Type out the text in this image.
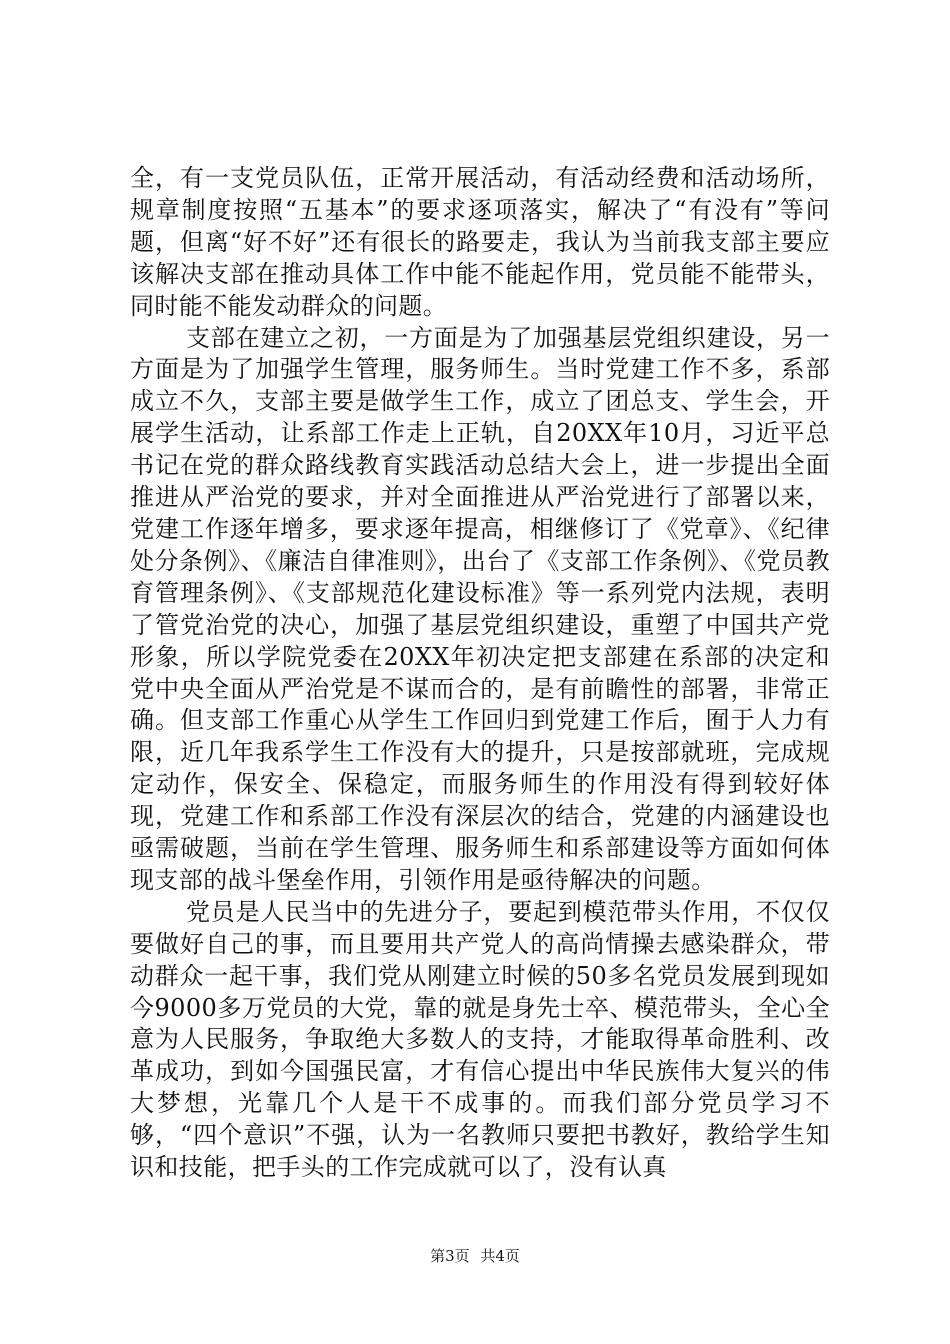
全，有一支党员队伍，正常开展活动，有活动经费和活动场所，规章制度按照“五基本”的要求逐项落实，解决了“有没有”等问题，但离“好不好”还有很长的路要走，我认为当前我支部主要应该解决支部在推动具体工作中能不能起作用，党员能不能带头，同时能不能发动群众的问题。

支部在建立之初，一方面是为了加强基层党组织建设，另一方面是为了加强学生管理，服务师生。当时党建工作不多，系部成立不久，支部主要是做学生工作，成立了团总支、学生会，开展学生活动，让系部工作走上正轨，自20XX年10月，习近平总书记在党的群众路线教育实践活动总结大会上，进一步提出全面推进从严治党的要求，并对全面推进从严治党进行了部署以来，党建工作逐年增多，要求逐年提高，相继修订了《党章》、《纪律处分条例》、《廉洁自律准则》，出台了《支部工作条例》、《党员教育管理条例》、《支部规范化建设标准》等一系列党内法规，表明了管党治党的决心，加强了基层党组织建设，重塑了中国共产党形象，所以学院党委在20XX年初决定把支部建在系部的决定和党中央全面从严治党是不谋而合的，是有前瞻性的部署，非常正确。但支部工作重心从学生工作回归到党建工作后，囿于人力有限，近几年我系学生工作没有大的提升，只是按部就班，完成规定动作，保安全、保稳定，而服务师生的作用没有得到较好体现，党建工作和系部工作没有深层次的结合，党建的内涵建设也亟需破题，当前在学生管理、服务师生和系部建设等方面如何体现支部的战斗堡垒作用，引领作用是亟待解决的问题。

党员是人民当中的先进分子，要起到模范带头作用，不仅仅要做好自己的事，而且要用共产党人的高尚情操去感染群众，带动群众一起干事，我们党从刚建立时候的50多名党员发展到现如今9000多万党员的大党，靠的就是身先士卒、模范带头，全心全意为人民服务，争取绝大多数人的支持，才能取得革命胜利、改革成功，到如今国强民富，才有信心提出中华民族伟大复兴的伟大梦想，光靠几个人是干不成事的。而我们部分党员学习不够，“四个意识”不强，认为一名教师只要把书教好，教给学生知识和技能，把手头的工作完成就可以了，没有认真

第3页 共4页
